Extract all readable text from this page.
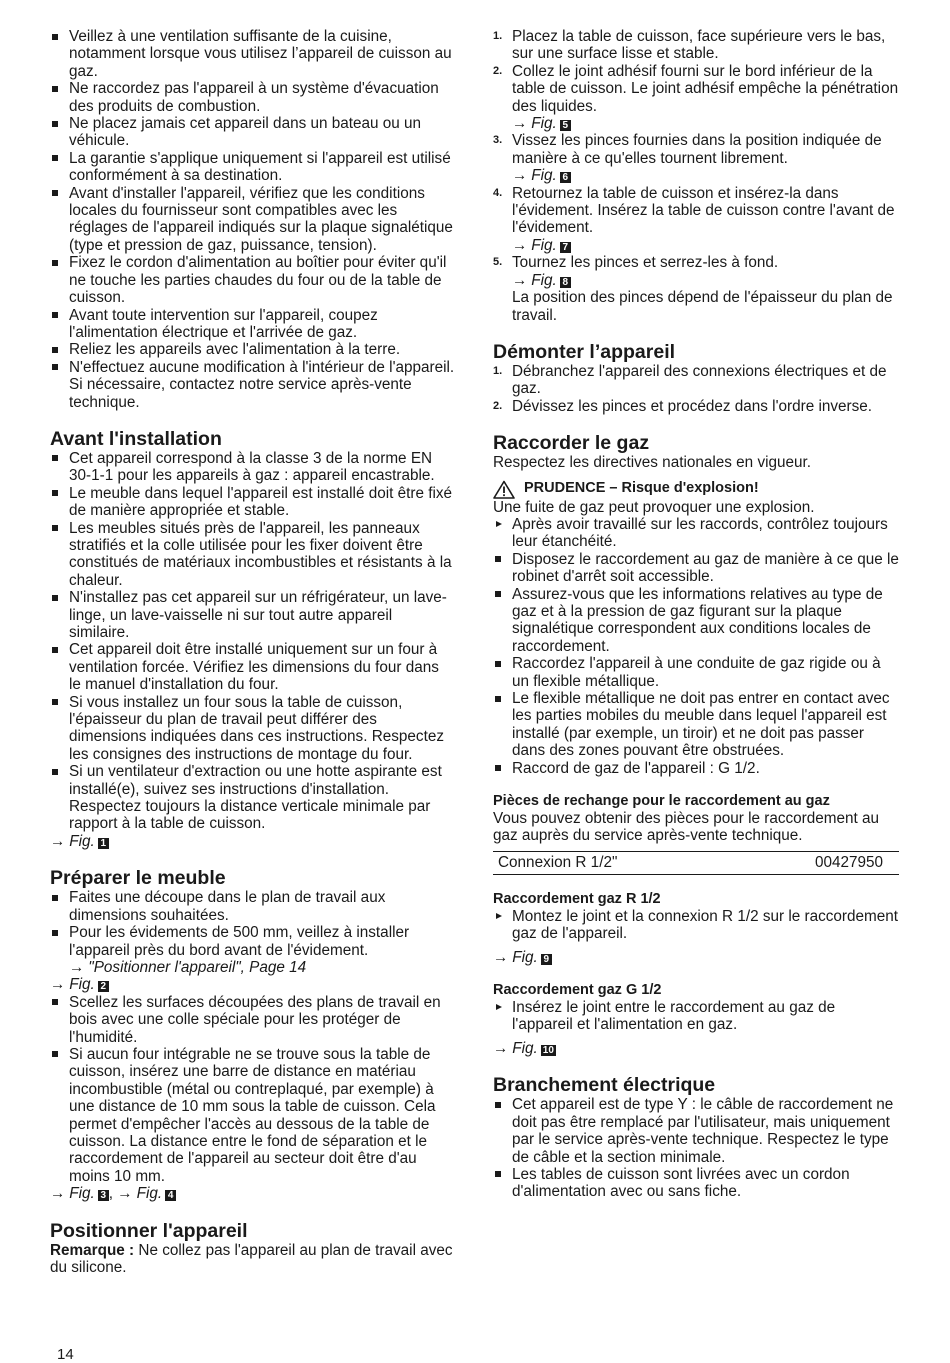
Veillez à une ventilation suffisante de la cuisine, notamment lorsque vous utilisez l’appareil de cuisson au gaz.
Ne raccordez pas l'appareil à un système d'évacuation des produits de combustion.
Ne placez jamais cet appareil dans un bateau ou un véhicule.
La garantie s'applique uniquement si l'appareil est utilisé conformément à sa destination.
Avant d'installer l'appareil, vérifiez que les conditions locales du fournisseur sont compatibles avec les réglages de l'appareil indiqués sur la plaque signalétique (type et pression de gaz, puissance, tension).
Fixez le cordon d'alimentation au boîtier pour éviter qu'il ne touche les parties chaudes du four ou de la table de cuisson.
Avant toute intervention sur l'appareil, coupez l'alimentation électrique et l'arrivée de gaz.
Reliez les appareils avec l'alimentation à la terre.
N'effectuez aucune modification à l'intérieur de l'appareil. Si nécessaire, contactez notre service après-vente technique.
Avant l'installation
Cet appareil correspond à la classe 3 de la norme EN 30-1-1 pour les appareils à gaz : appareil encastrable.
Le meuble dans lequel l'appareil est installé doit être fixé de manière appropriée et stable.
Les meubles situés près de l'appareil, les panneaux stratifiés et la colle utilisée pour les fixer doivent être constitués de matériaux incombustibles et résistants à la chaleur.
N'installez pas cet appareil sur un réfrigérateur, un lave-linge, un lave-vaisselle ni sur tout autre appareil similaire.
Cet appareil doit être installé uniquement sur un four à ventilation forcée. Vérifiez les dimensions du four dans le manuel d'installation du four.
Si vous installez un four sous la table de cuisson, l'épaisseur du plan de travail peut différer des dimensions indiquées dans ces instructions. Respectez les consignes des instructions de montage du four.
Si un ventilateur d'extraction ou une hotte aspirante est installé(e), suivez ses instructions d'installation. Respectez toujours la distance verticale minimale par rapport à la table de cuisson.
→ Fig. 1
Préparer le meuble
Faites une découpe dans le plan de travail aux dimensions souhaitées.
Pour les évidements de 500 mm, veillez à installer l'appareil près du bord avant de l'évidement.
→ "Positionner l'appareil", Page 14
→ Fig. 2
Scellez les surfaces découpées des plans de travail en bois avec une colle spéciale pour les protéger de l'humidité.
Si aucun four intégrable ne se trouve sous la table de cuisson, insérez une barre de distance en matériau incombustible (métal ou contreplaqué, par exemple) à une distance de 10 mm sous la table de cuisson. Cela permet d'empêcher l'accès au dessous de la table de cuisson. La distance entre le fond de séparation et le raccordement de l'appareil au secteur doit être d'au moins 10 mm.
→ Fig. 3 , → Fig. 4
Positionner l'appareil
Remarque : Ne collez pas l'appareil au plan de travail avec du silicone.
1. Placez la table de cuisson, face supérieure vers le bas, sur une surface lisse et stable.
2. Collez le joint adhésif fourni sur le bord inférieur de la table de cuisson. Le joint adhésif empêche la pénétration des liquides.
→ Fig. 5
3. Vissez les pinces fournies dans la position indiquée de manière à ce qu'elles tournent librement.
→ Fig. 6
4. Retournez la table de cuisson et insérez-la dans l'évidement. Insérez la table de cuisson contre l'avant de l'évidement.
→ Fig. 7
5. Tournez les pinces et serrez-les à fond.
→ Fig. 8
La position des pinces dépend de l'épaisseur du plan de travail.
Démonter l’appareil
1. Débranchez l'appareil des connexions électriques et de gaz.
2. Dévissez les pinces et procédez dans l'ordre inverse.
Raccorder le gaz
Respectez les directives nationales en vigueur.
PRUDENCE – Risque d'explosion!
Une fuite de gaz peut provoquer une explosion.
Après avoir travaillé sur les raccords, contrôlez toujours leur étanchéité.
Disposez le raccordement au gaz de manière à ce que le robinet d'arrêt soit accessible.
Assurez-vous que les informations relatives au type de gaz et à la pression de gaz figurant sur la plaque signalétique correspondent aux conditions locales de raccordement.
Raccordez l'appareil à une conduite de gaz rigide ou à un flexible métallique.
Le flexible métallique ne doit pas entrer en contact avec les parties mobiles du meuble dans lequel l'appareil est installé (par exemple, un tiroir) et ne doit pas passer dans des zones pouvant être obstruées.
Raccord de gaz de l'appareil : G 1/2.
Pièces de rechange pour le raccordement au gaz
Vous pouvez obtenir des pièces pour le raccordement au gaz auprès du service après-vente technique.
Connexion R 1/2"	00427950
Raccordement gaz R 1/2
Montez le joint et la connexion R 1/2 sur le raccordement gaz de l'appareil.
→ Fig. 9
Raccordement gaz G 1/2
Insérez le joint entre le raccordement au gaz de l'appareil et l'alimentation en gaz.
→ Fig. 10
Branchement électrique
Cet appareil est de type Y : le câble de raccordement ne doit pas être remplacé par l'utilisateur, mais uniquement par le service après-vente technique. Respectez le type de câble et la section minimale.
Les tables de cuisson sont livrées avec un cordon d'alimentation avec ou sans fiche.
14
